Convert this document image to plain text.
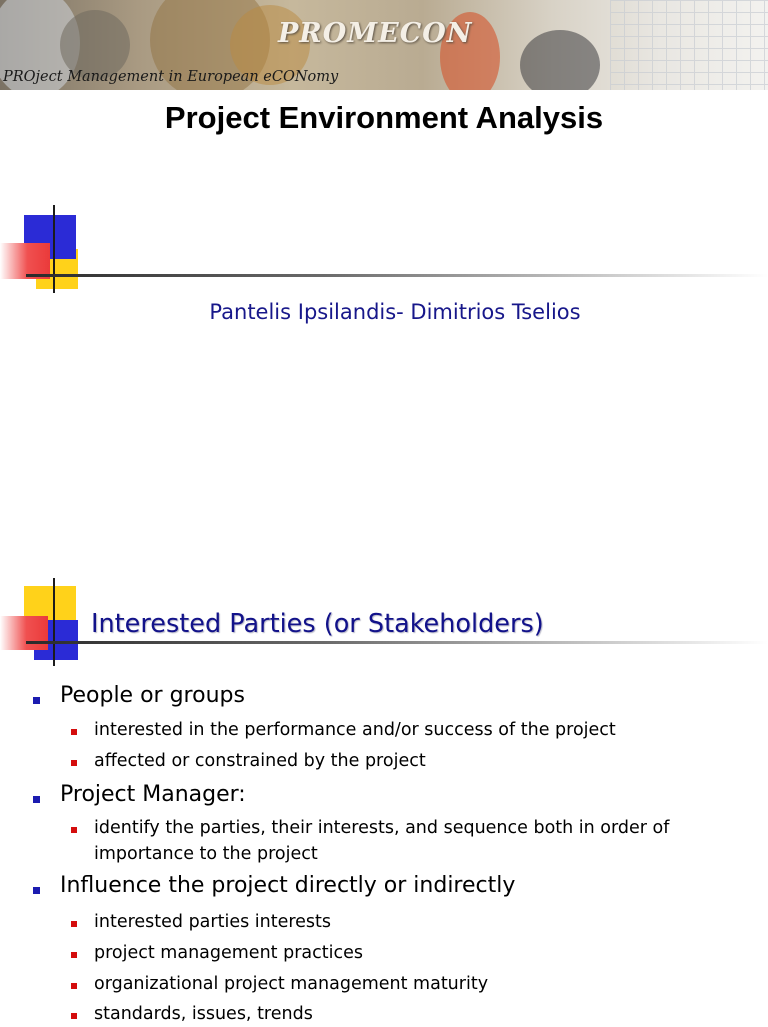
PROMECON
PROject Management in European eCONomy
Project Environment Analysis
Pantelis Ipsilandis- Dimitrios Tselios
Interested Parties (or Stakeholders)
People or groups
interested in the performance and/or success of the project
affected or constrained by the project
Project Manager:
identify the parties, their interests, and sequence both in order of
importance to the project
Influence the project directly or indirectly
interested parties interests
project management practices
organizational project management maturity
standards, issues, trends
